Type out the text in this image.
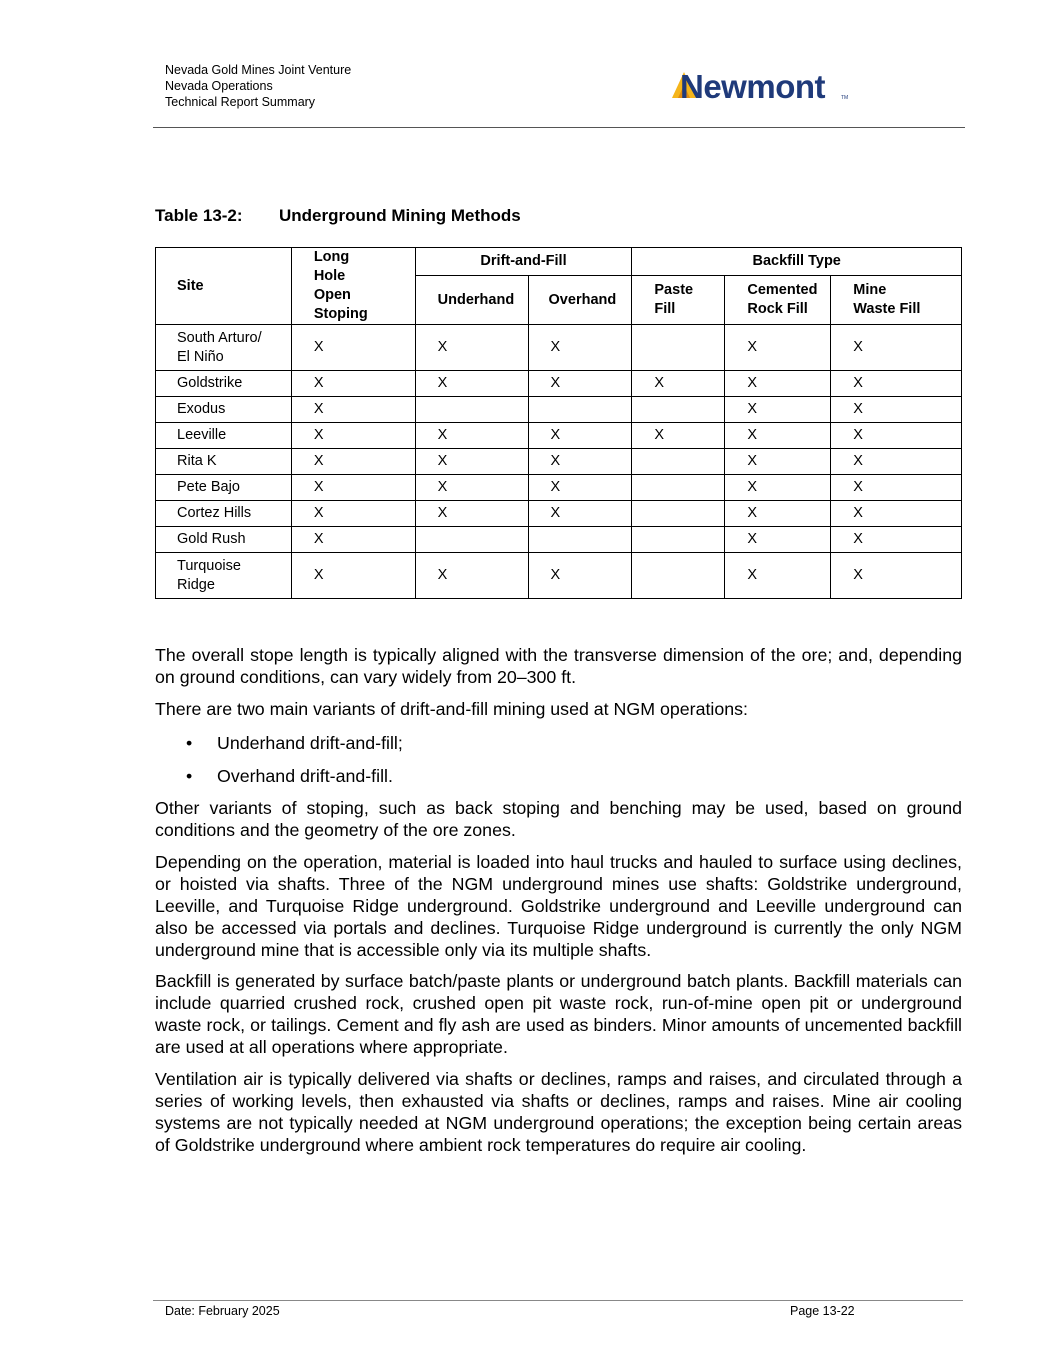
Nevada Gold Mines Joint Venture
Nevada Operations
Technical Report Summary	Newmont	TM
Table 13-2: Underground Mining Methods
Site	Long Hole Open Stoping	Drift-and-Fill		Backfill Type		
		Underhand	Overhand	Paste Fill	Cemented Rock Fill	Mine Waste Fill
South Arturo/ El Niño	X	X	X		X	X
Goldstrike	X	X	X	X	X	X
Exodus	X				X	X
Leeville	X	X	X	X	X	X
Rita K	X	X	X		X	X
Pete Bajo	X	X	X		X	X
Cortez Hills	X	X	X		X	X
Gold Rush	X				X	X
Turquoise Ridge	X	X	X		X	X

The overall stope length is typically aligned with the transverse dimension of the ore; and, depending on ground conditions, can vary widely from 20–300 ft.

There are two main variants of drift-and-fill mining used at NGM operations:

• Underhand drift-and-fill;
• Overhand drift-and-fill.

Other variants of stoping, such as back stoping and benching may be used, based on ground conditions and the geometry of the ore zones.

Depending on the operation, material is loaded into haul trucks and hauled to surface using declines, or hoisted via shafts. Three of the NGM underground mines use shafts: Goldstrike underground, Leeville, and Turquoise Ridge underground. Goldstrike underground and Leeville underground can also be accessed via portals and declines. Turquoise Ridge underground is currently the only NGM underground mine that is accessible only via its multiple shafts.

Backfill is generated by surface batch/paste plants or underground batch plants. Backfill materials can include quarried crushed rock, crushed open pit waste rock, run-of-mine open pit or underground waste rock, or tailings. Cement and fly ash are used as binders. Minor amounts of uncemented backfill are used at all operations where appropriate.

Ventilation air is typically delivered via shafts or declines, ramps and raises, and circulated through a series of working levels, then exhausted via shafts or declines, ramps and raises. Mine air cooling systems are not typically needed at NGM underground operations; the exception being certain areas of Goldstrike underground where ambient rock temperatures do require air cooling.

Date: February 2025	Page 13-22
